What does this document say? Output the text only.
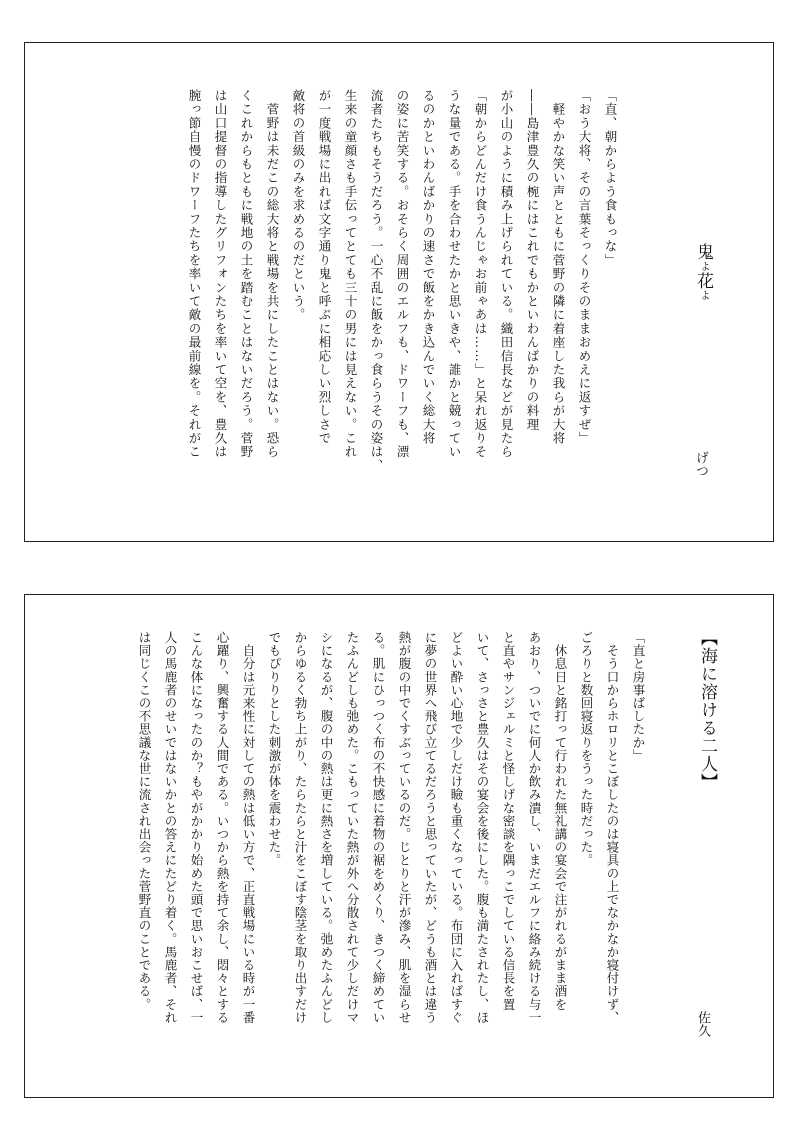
鬼よ花よ
げつ
「直、朝からよう食もっな」
「おう大将、その言葉そっくりそのままおめえに返すぜ」
　軽やかな笑い声とともに菅野の隣に着座した我らが大将
――島津豊久の椀にはこれでもかといわんばかりの料理
が小山のように積み上げられている。織田信長などが見たら
「朝からどんだけ食うんじゃお前ゃあは……」と呆れ返りそ
うな量である。手を合わせたかと思いきや、誰かと競ってい
るのかといわんばかりの速さで飯をかき込んでいく総大将
の姿に苦笑する。おそらく周囲のエルフも、ドワーフも、漂
流者たちもそうだろう。一心不乱に飯をかっ食らうその姿は、
生来の童顔さも手伝ってとても三十の男には見えない。これ
が一度戦場に出れば文字通り鬼と呼ぶに相応しい烈しさで
敵将の首級のみを求めるのだという。
　菅野は未だこの総大将と戦場を共にしたことはない。恐ら
くこれからもともに戦地の土を踏むことはないだろう。菅野
は山口提督の指導したグリフォンたちを率いて空を、豊久は
腕っ節自慢のドワーフたちを率いて敵の最前線を。それがこ
【海に溶ける二人】
佐久
「直と房事ばしたか」
　そう口からホロリとこぼしたのは寝具の上でなかなか寝付けず、
ごろりと数回寝返りをうった時だった。
　休息日と銘打って行われた無礼講の宴会で注がれるがまま酒を
あおり、ついでに何人か飲み潰し、いまだエルフに絡み続ける与一
と直やサンジェルミと怪しげな密談を隅っこでしている信長を置
いて、さっさと豊久はその宴会を後にした。腹も満たされたし、ほ
どよい酔い心地で少しだけ瞼も重くなっている。布団に入ればすぐ
に夢の世界へ飛び立てるだろうと思っていたが、どうも酒とは違う
熱が腹の中でくすぶっているのだ。じとりと汗が滲み、肌を湿らせ
る。肌にひっつく布の不快感に着物の裾をめくり、きつく締めてい
たふんどしも弛めた。こもっていた熱が外へ分散されて少しだけマ
シになるが、腹の中の熱は更に熱さを増している。弛めたふんどし
からゆるく勃ち上がり、たらたらと汁をこぼす陰茎を取り出すだけ
でもぴりりとした刺激が体を震わせた。
　自分は元来性に対しての熱は低い方で、正直戦場にいる時が一番
心躍り、興奮する人間である。いつから熱を持て余し、悶々とする
こんな体になったのか？もやがかかり始めた頭で思いおこせば、一
人の馬鹿者のせいではないかとの答えにたどり着く。馬鹿者、それ
は同じくこの不思議な世に流され出会った菅野直のことである。
